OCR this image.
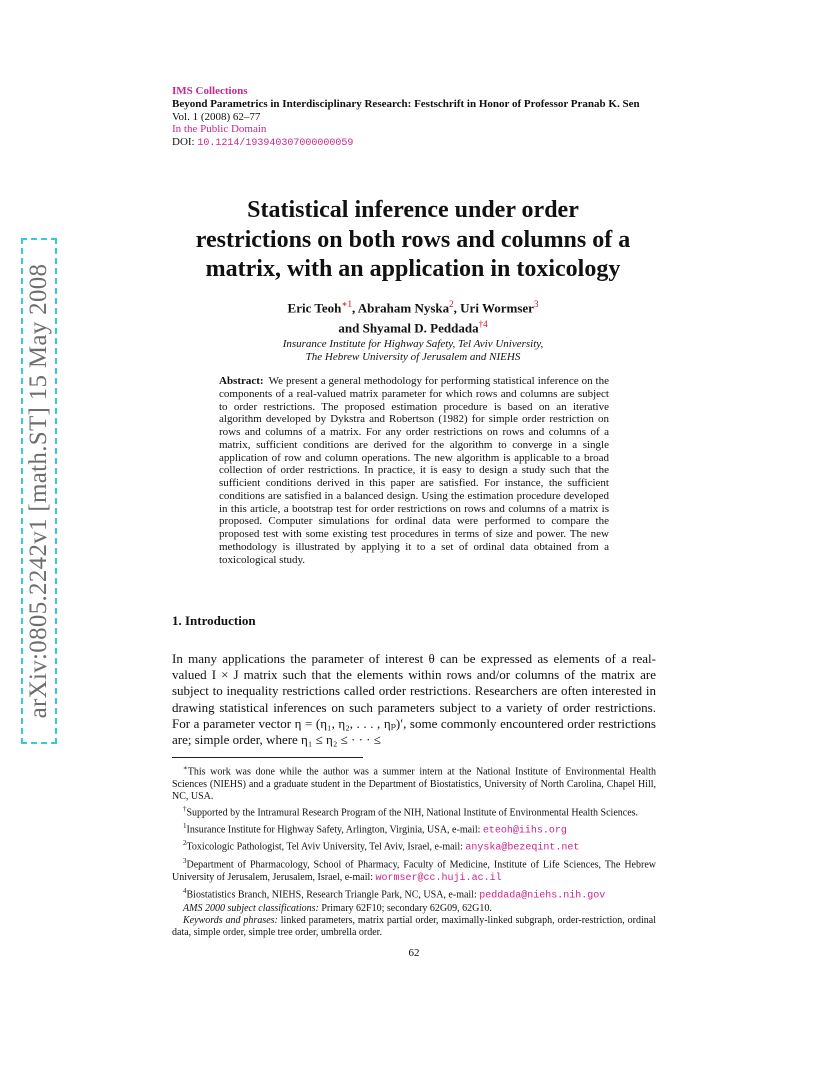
arXiv:0805.2242v1 [math.ST] 15 May 2008
IMS Collections
Beyond Parametrics in Interdisciplinary Research: Festschrift in Honor of Professor Pranab K. Sen
Vol. 1 (2008) 62–77
In the Public Domain
DOI: 10.1214/193940307000000059
Statistical inference under order
restrictions on both rows and columns of a
matrix, with an application in toxicology
Eric Teoh$^{∗1}$, Abraham Nyska$^2$, Uri Wormser$^3$
and Shyamal D. Peddada$^{\dagger 4}$
Insurance Institute for Highway Safety, Tel Aviv University,
The Hebrew University of Jerusalem and NIEHS
Abstract: We present a general methodology for performing statistical inference on the components of a real-valued matrix parameter for which rows and columns are subject to order restrictions. The proposed estimation procedure is based on an iterative algorithm developed by Dykstra and Robertson (1982) for simple order restriction on rows and columns of a matrix. For any order restrictions on rows and columns of a matrix, sufficient conditions are derived for the algorithm to converge in a single application of row and column operations. The new algorithm is applicable to a broad collection of order restrictions. In practice, it is easy to design a study such that the sufficient conditions derived in this paper are satisfied. For instance, the sufficient conditions are satisfied in a balanced design. Using the estimation procedure developed in this article, a bootstrap test for order restrictions on rows and columns of a matrix is proposed. Computer simulations for ordinal data were performed to compare the proposed test with some existing test procedures in terms of size and power. The new methodology is illustrated by applying it to a set of ordinal data obtained from a toxicological study.
1. Introduction
In many applications the parameter of interest θ can be expressed as elements of a real-valued I × J matrix such that the elements within rows and/or columns of the matrix are subject to inequality restrictions called order restrictions. Researchers are often interested in drawing statistical inferences on such parameters subject to a variety of order restrictions. For a parameter vector η = (η₁, η₂, . . . , ηₚ)′, some commonly encountered order restrictions are; simple order, where η₁ ≤ η₂ ≤ · · · ≤

∗This work was done while the author was a summer intern at the National Institute of Environmental Health Sciences (NIEHS) and a graduate student in the Department of Biostatistics, University of North Carolina, Chapel Hill, NC, USA.

†Supported by the Intramural Research Program of the NIH, National Institute of Environmental Health Sciences.

$^1$Insurance Institute for Highway Safety, Arlington, Virginia, USA, e-mail: eteoh@iihs.org

$^2$Toxicologic Pathologist, Tel Aviv University, Tel Aviv, Israel, e-mail: anyska@bezeqint.net

$^3$Department of Pharmacology, School of Pharmacy, Faculty of Medicine, Institute of Life Sciences, The Hebrew University of Jerusalem, Jerusalem, Israel, e-mail: wormser@cc.huji.ac.il

$^4$Biostatistics Branch, NIEHS, Research Triangle Park, NC, USA, e-mail: peddada@niehs.nih.gov

AMS 2000 subject classifications: Primary 62F10; secondary 62G09, 62G10.

Keywords and phrases: linked parameters, matrix partial order, maximally-linked subgraph, order-restriction, ordinal data, simple order, simple tree order, umbrella order.

62
